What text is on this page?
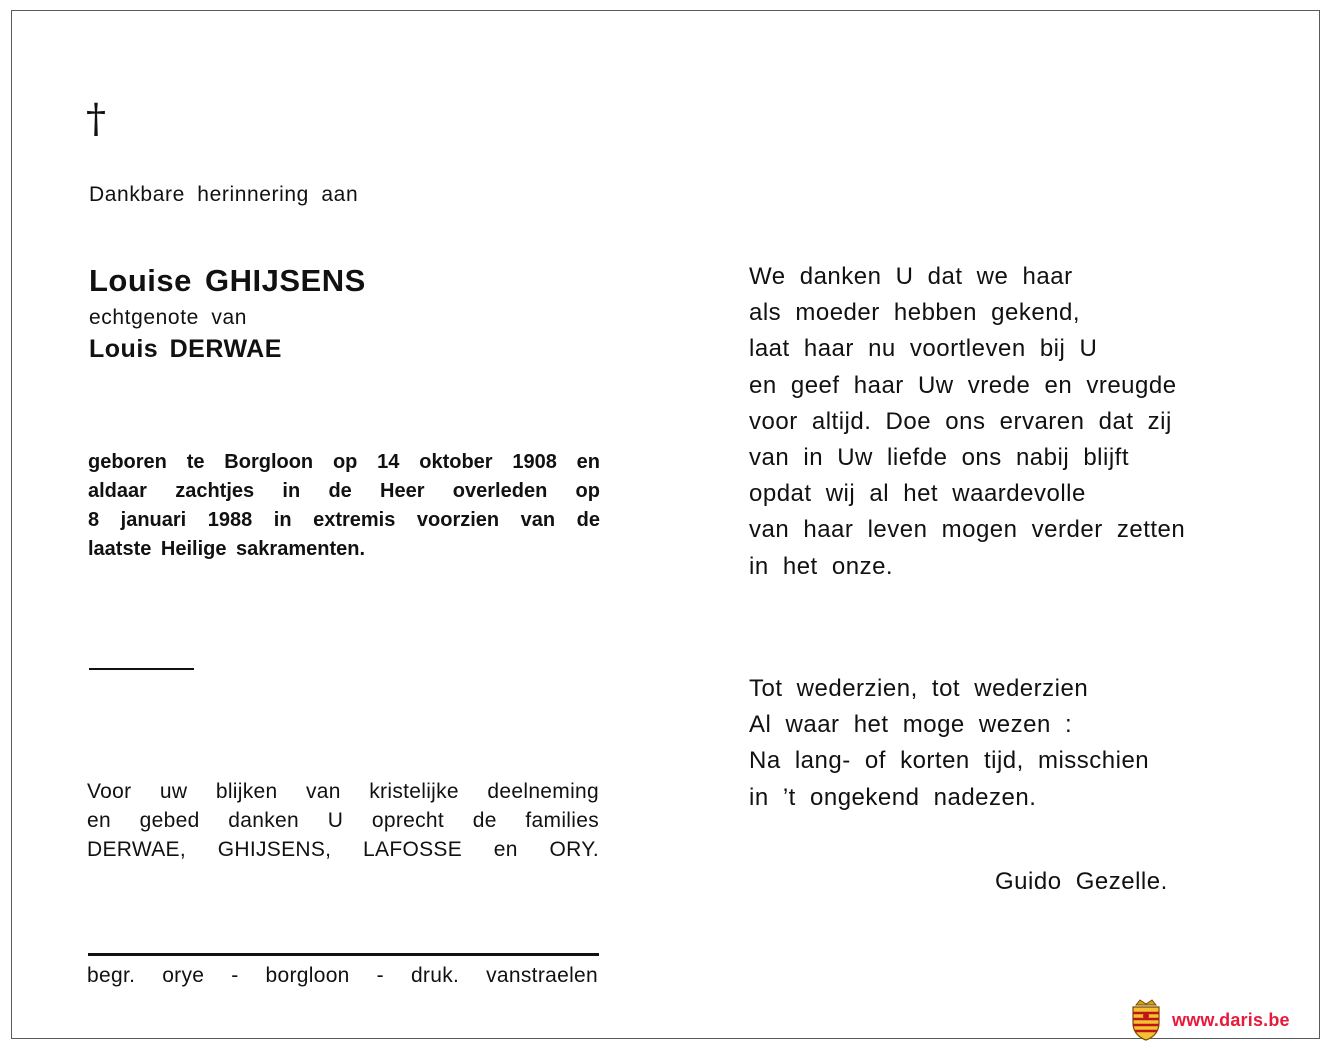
†
Dankbare herinnering aan
Louise GHIJSENS
echtgenote van
Louis DERWAE
geboren te Borgloon op 14 oktober 1908 en
aldaar zachtjes in de Heer overleden op
8 januari 1988 in extremis voorzien van de
laatste Heilige sakramenten.
Voor uw blijken van kristelijke deelneming
en gebed danken U oprecht de families
DERWAE, GHIJSENS, LAFOSSE en ORY.
begr. orye - borgloon - druk. vanstraelen
We danken U dat we haar
als moeder hebben gekend,
laat haar nu voortleven bij U
en geef haar Uw vrede en vreugde
voor altijd. Doe ons ervaren dat zij
van in Uw liefde ons nabij blijft
opdat wij al het waardevolle
van haar leven mogen verder zetten
in het onze.
Tot wederzien, tot wederzien
Al waar het moge wezen :
Na lang- of korten tijd, misschien
in ’t ongekend nadezen.
Guido Gezelle.
www.daris.be
